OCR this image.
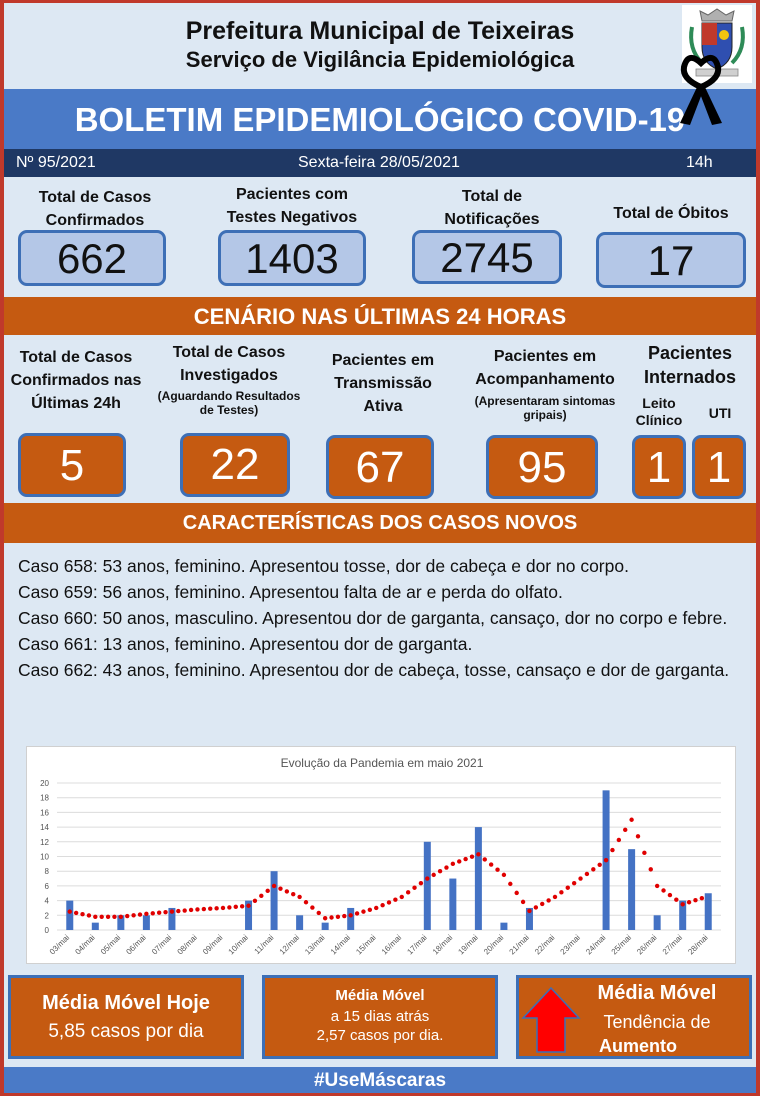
Prefeitura Municipal de Teixeiras
Serviço de Vigilância Epidemiológica
BOLETIM EPIDEMIOLÓGICO COVID-19
Nº 95/2021	Sexta-feira 28/05/2021	14h
Total de Casos Confirmados
Pacientes com Testes Negativos
Total de Notificações	Total de Óbitos
662	1403	2745	17
CENÁRIO NAS ÚLTIMAS 24 HORAS
Total de Casos Confirmados nas Últimas 24h
Total de Casos Investigados
(Aguardando Resultados de Testes)
Pacientes em Transmissão Ativa
Pacientes em Acompanhamento
(Apresentaram sintomas gripais)
Pacientes Internados
Leito Clínico	UTI
5	22	67	95	1 1
CARACTERÍSTICAS DOS CASOS NOVOS
Caso 658: 53 anos, feminino. Apresentou tosse, dor de cabeça e dor no corpo.
Caso 659: 56 anos, feminino. Apresentou falta de ar e perda do olfato.
Caso 660: 50 anos, masculino. Apresentou dor de garganta, cansaço, dor no corpo e febre.
Caso 661: 13 anos, feminino. Apresentou dor de garganta.
Caso 662: 43 anos, feminino. Apresentou dor de cabeça, tosse, cansaço e dor de garganta.
Evolução da Pandemia em maio 2021
0
2
4
6
8
10
12
14
16
18
20
03/mai 04/mai 05/mai 06/mai 07/mai 08/mai 09/mai 10/mai 11/mai 12/mai 13/mai 14/mai 15/mai 16/mai 17/mai 18/mai 19/mai 20/mai 21/mai 22/mai 23/mai 24/mai 25/mai 26/mai 27/mai 28/mai
Média Móvel Hoje
5,85 casos por dia
Média Móvel
a 15 dias atrás
2,57 casos por dia.
Média Móvel
Tendência de
Aumento
#UseMáscaras
